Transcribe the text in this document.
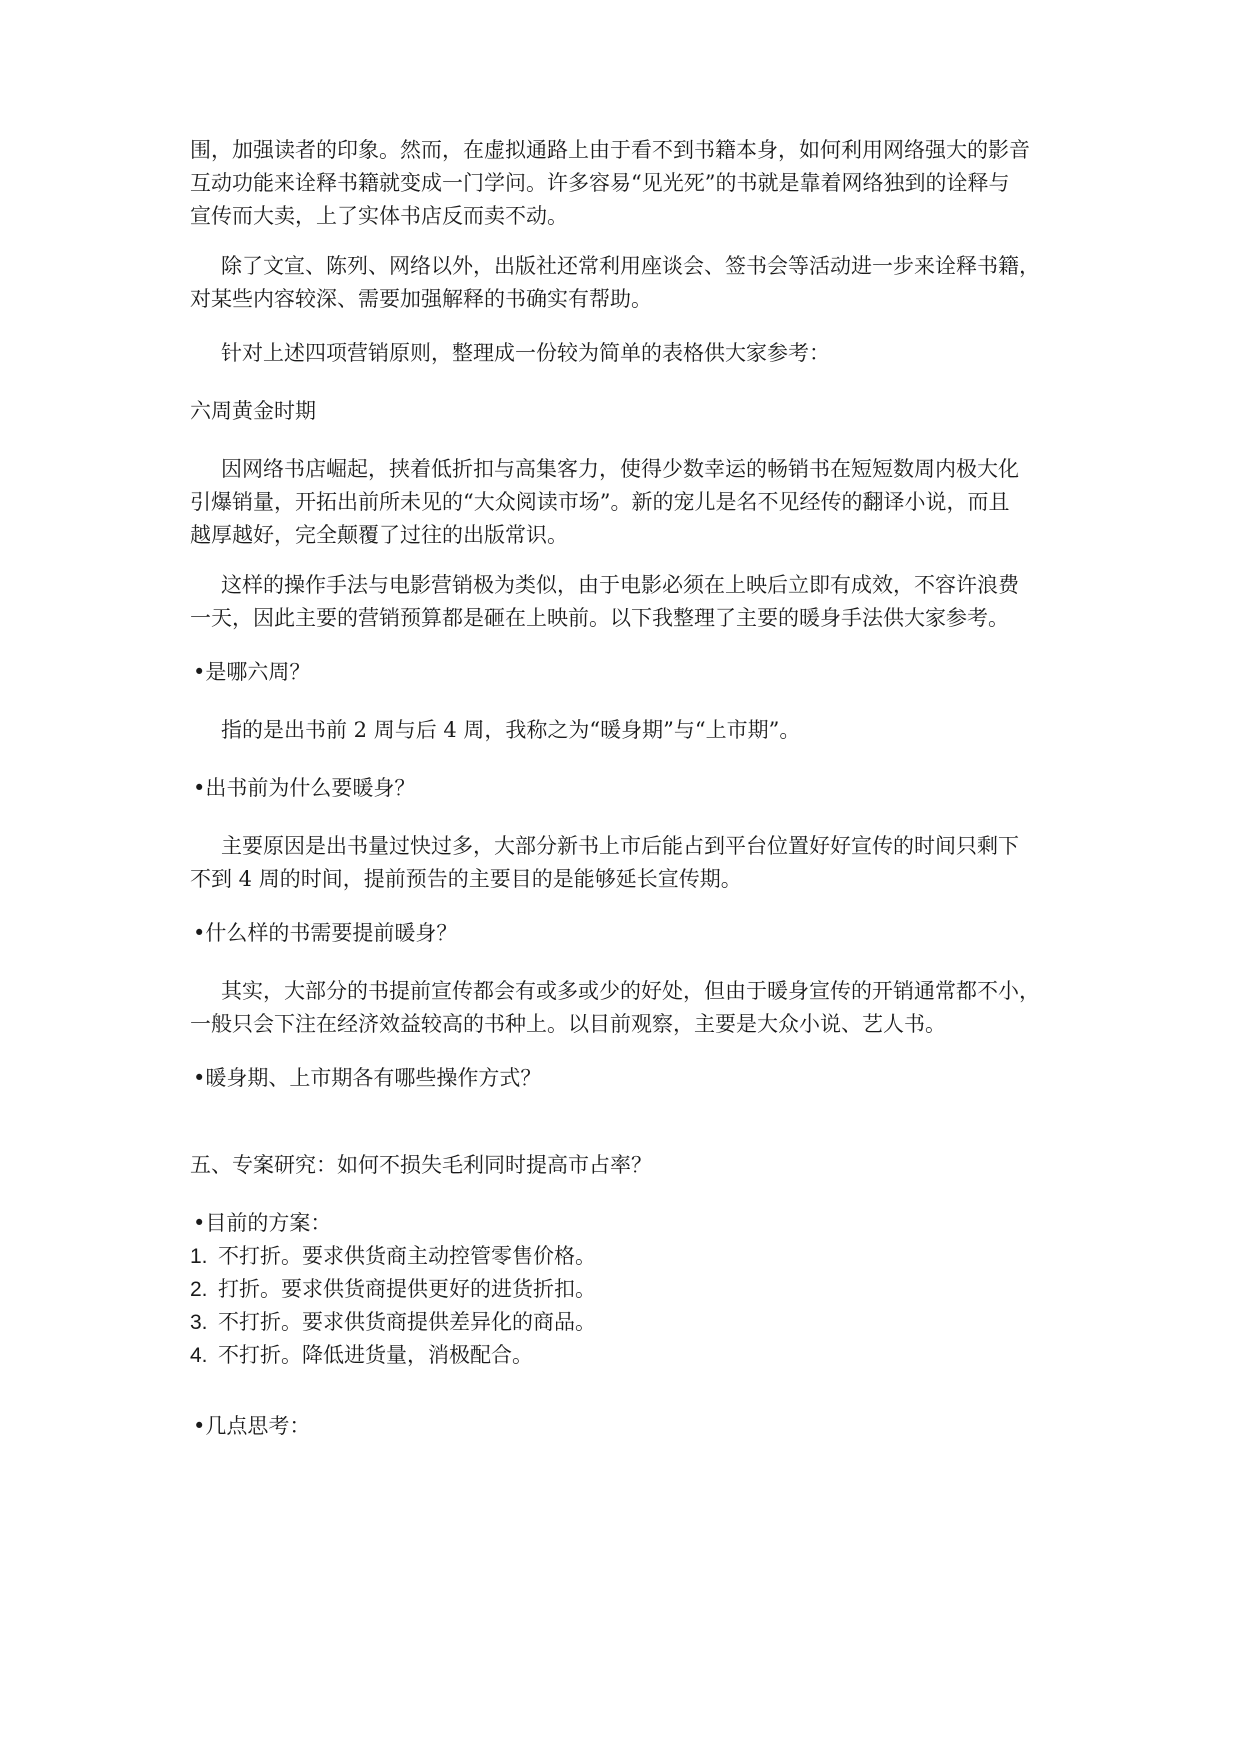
围，加强读者的印象。然而，在虚拟通路上由于看不到书籍本身，如何利用网络强大的影音
互动功能来诠释书籍就变成一门学问。许多容易“见光死”的书就是靠着网络独到的诠释与
宣传而大卖，上了实体书店反而卖不动。
除了文宣、陈列、网络以外，出版社还常利用座谈会、签书会等活动进一步来诠释书籍，
对某些内容较深、需要加强解释的书确实有帮助。
针对上述四项营销原则，整理成一份较为简单的表格供大家参考：
六周黄金时期
因网络书店崛起，挟着低折扣与高集客力，使得少数幸运的畅销书在短短数周内极大化
引爆销量，开拓出前所未见的“大众阅读市场”。新的宠儿是名不见经传的翻译小说，而且
越厚越好，完全颠覆了过往的出版常识。
这样的操作手法与电影营销极为类似，由于电影必须在上映后立即有成效，不容许浪费
一天，因此主要的营销预算都是砸在上映前。以下我整理了主要的暖身手法供大家参考。
•是哪六周？
指的是出书前 2 周与后 4 周，我称之为“暖身期”与“上市期”。
•出书前为什么要暖身？
主要原因是出书量过快过多，大部分新书上市后能占到平台位置好好宣传的时间只剩下
不到 4 周的时间，提前预告的主要目的是能够延长宣传期。
•什么样的书需要提前暖身？
其实，大部分的书提前宣传都会有或多或少的好处，但由于暖身宣传的开销通常都不小，
一般只会下注在经济效益较高的书种上。以目前观察，主要是大众小说、艺人书。
•暖身期、上市期各有哪些操作方式？
五、专案研究：如何不损失毛利同时提高市占率？
•目前的方案：
1. 不打折。要求供货商主动控管零售价格。
2. 打折。要求供货商提供更好的进货折扣。
3. 不打折。要求供货商提供差异化的商品。
4. 不打折。降低进货量，消极配合。
•几点思考：
